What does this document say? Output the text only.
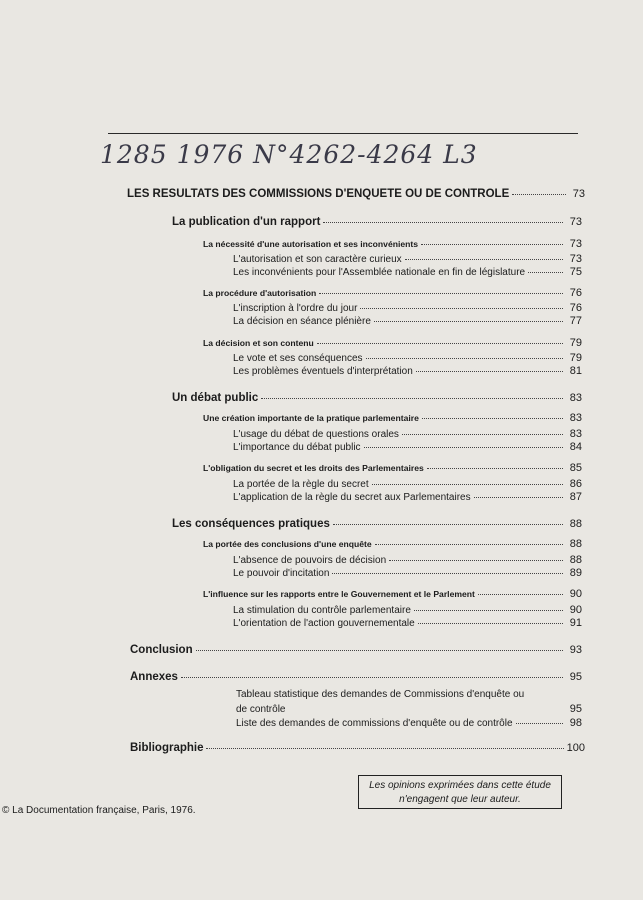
1285 1976 N°4262-4264 L3
LES RESULTATS DES COMMISSIONS D'ENQUETE OU DE CONTROLE	73
La publication d'un rapport	73
La nécessité d'une autorisation et ses inconvénients	73
L'autorisation et son caractère curieux	73
Les inconvénients pour l'Assemblée nationale en fin de législature	75
La procédure d'autorisation	76
L'inscription à l'ordre du jour	76
La décision en séance plénière	77
La décision et son contenu	79
Le vote et ses conséquences	79
Les problèmes éventuels d'interprétation	81
Un débat public	83
Une création importante de la pratique parlementaire	83
L'usage du débat de questions orales	83
L'importance du débat public	84
L'obligation du secret et les droits des Parlementaires	85
La portée de la règle du secret	86
L'application de la règle du secret aux Parlementaires	87
Les conséquences pratiques	88
La portée des conclusions d'une enquête	88
L'absence de pouvoirs de décision	88
Le pouvoir d'incitation	89
L'influence sur les rapports entre le Gouvernement et le Parlement	90
La stimulation du contrôle parlementaire	90
L'orientation de l'action gouvernementale	91
Conclusion	93
Annexes	95
Tableau statistique des demandes de Commissions d'enquête ou
de contrôle	95
Liste des demandes de commissions d'enquête ou de contrôle	98
Bibliographie	100
Les opinions exprimées dans cette étude
n'engagent que leur auteur.
© La Documentation française, Paris, 1976.
